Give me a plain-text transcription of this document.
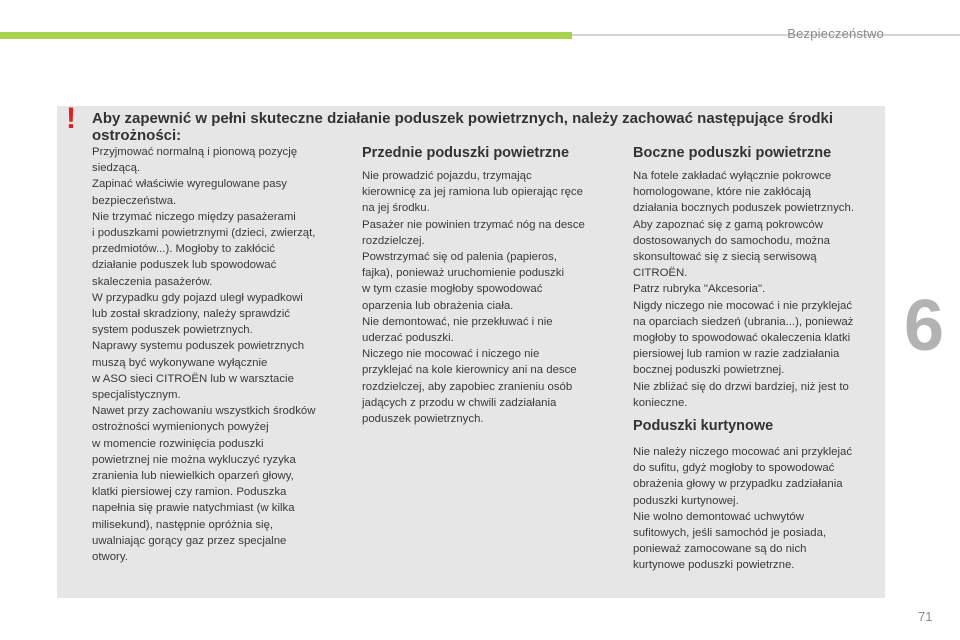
Bezpieczeństwo
6
! Aby zapewnić w pełni skuteczne działanie poduszek powietrznych, należy zachować następujące środki ostrożności:

Przyjmować normalną i pionową pozycję

siedzącą.

Zapinać właściwie wyregulowane pasy

bezpieczeństwa.

Nie trzymać niczego między pasażerami

i poduszkami powietrznymi (dzieci, zwierząt,

przedmiotów...). Mogłoby to zakłócić

działanie poduszek lub spowodować

skaleczenia pasażerów.

W przypadku gdy pojazd uległ wypadkowi

lub został skradziony, należy sprawdzić

system poduszek powietrznych.

Naprawy systemu poduszek powietrznych

muszą być wykonywane wyłącznie

w ASO sieci CITROËN lub w warsztacie

specjalistycznym.

Nawet przy zachowaniu wszystkich środków

ostrożności wymienionych powyżej

w momencie rozwinięcia poduszki

powietrznej nie można wykluczyć ryzyka

zranienia lub niewielkich oparzeń głowy,

klatki piersiowej czy ramion. Poduszka

napełnia się prawie natychmiast (w kilka

milisekund), następnie opróżnia się,

uwalniając gorący gaz przez specjalne

otwory.

Przednie poduszki powietrzne

Nie prowadzić pojazdu, trzymając

kierownicę za jej ramiona lub opierając ręce

na jej środku.

Pasażer nie powinien trzymać nóg na desce

rozdzielczej.

Powstrzymać się od palenia (papieros,

fajka), ponieważ uruchomienie poduszki

w tym czasie mogłoby spowodować

oparzenia lub obrażenia ciała.

Nie demontować, nie przekłuwać i nie

uderzać poduszki.

Niczego nie mocować i niczego nie

przyklejać na kole kierownicy ani na desce

rozdzielczej, aby zapobiec zranieniu osób

jadących z przodu w chwili zadziałania

poduszek powietrznych.

Boczne poduszki powietrzne

Na fotele zakładać wyłącznie pokrowce

homologowane, które nie zakłócają

działania bocznych poduszek powietrznych.

Aby zapoznać się z gamą pokrowców

dostosowanych do samochodu, można

skonsultować się z siecią serwisową

CITROËN.

Patrz rubryka "Akcesoria".

Nigdy niczego nie mocować i nie przyklejać

na oparciach siedzeń (ubrania...), ponieważ

mogłoby to spowodować okaleczenia klatki

piersiowej lub ramion w razie zadziałania

bocznej poduszki powietrznej.

Nie zbliżać się do drzwi bardziej, niż jest to

konieczne.

Poduszki kurtynowe

Nie należy niczego mocować ani przyklejać

do sufitu, gdyż mogłoby to spowodować

obrażenia głowy w przypadku zadziałania

poduszki kurtynowej.

Nie wolno demontować uchwytów

sufitowych, jeśli samochód je posiada,

ponieważ zamocowane są do nich

kurtynowe poduszki powietrzne.

71
